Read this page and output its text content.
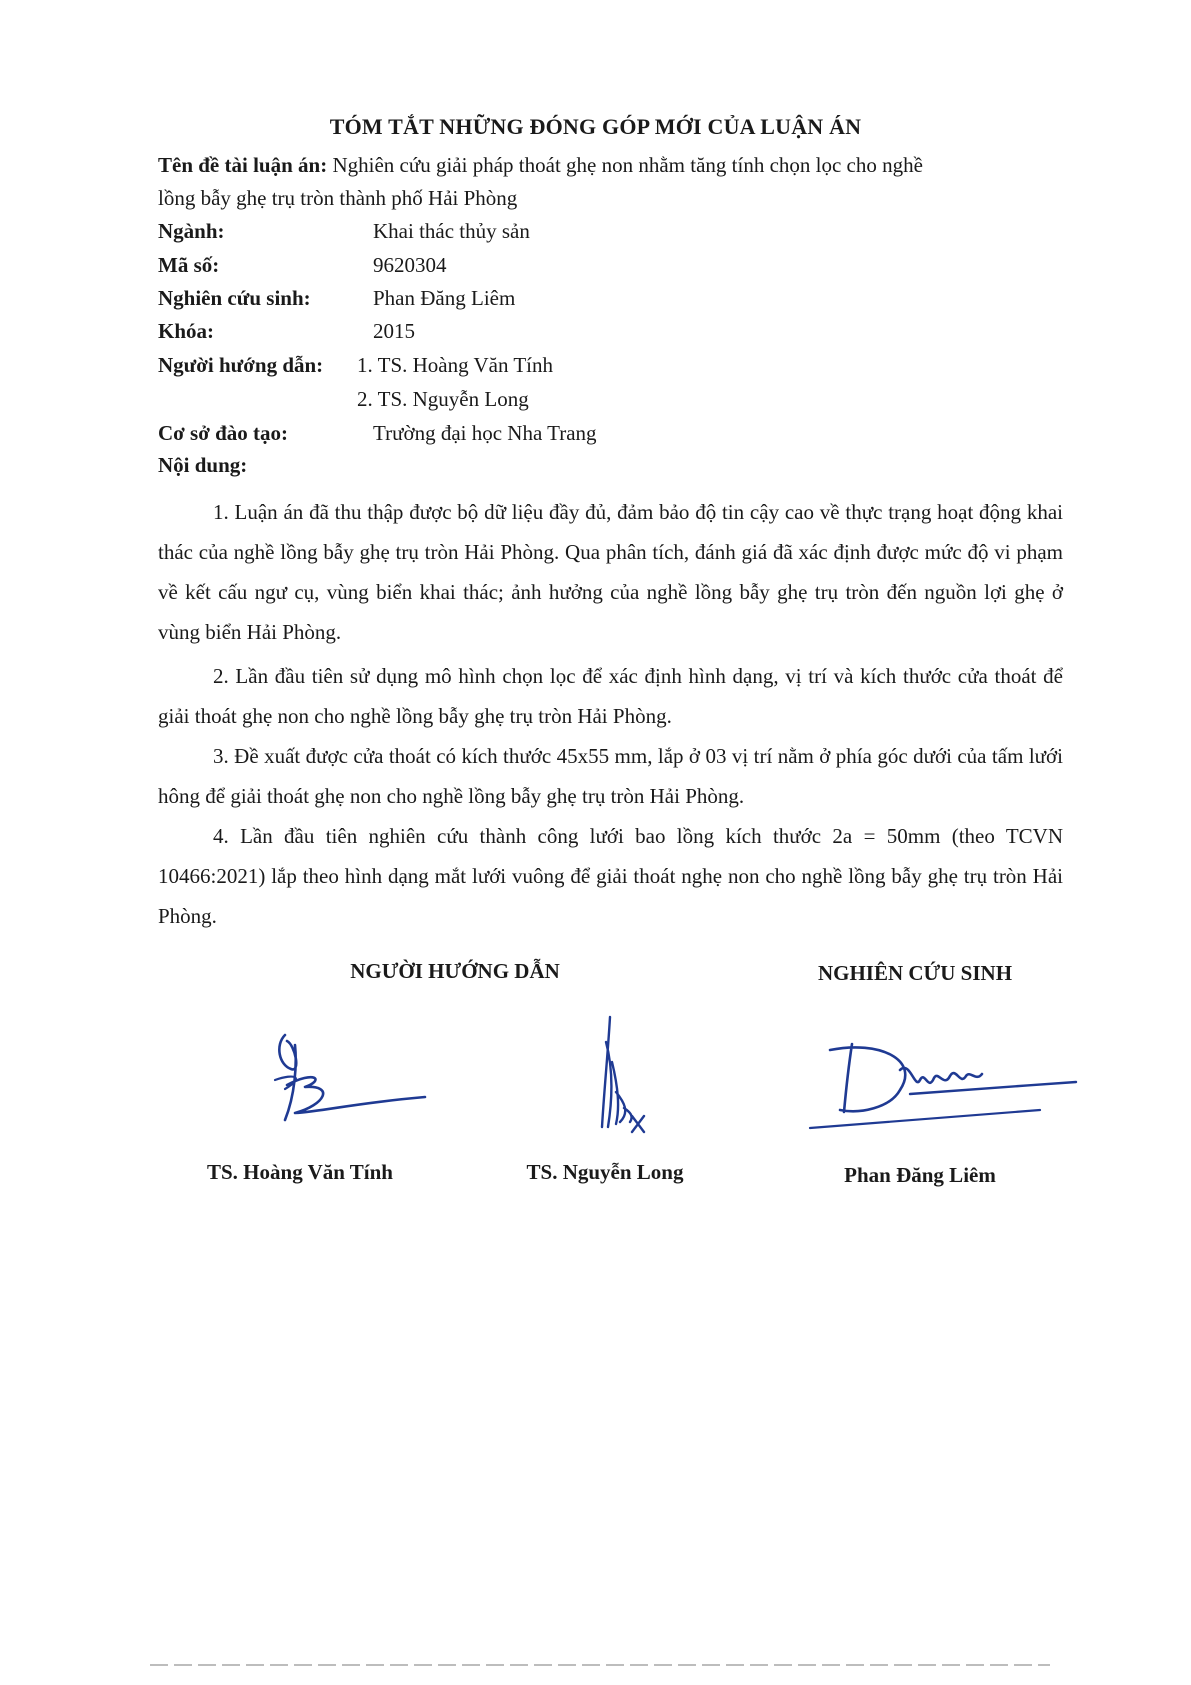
TÓM TẮT NHỮNG ĐÓNG GÓP MỚI CỦA LUẬN ÁN
Tên đề tài luận án: Nghiên cứu giải pháp thoát ghẹ non nhằm tăng tính chọn lọc cho nghề
lồng bẫy ghẹ trụ tròn thành phố Hải Phòng
Ngành:	Khai thác thủy sản
Mã số:	9620304
Nghiên cứu sinh:	Phan Đăng Liêm
Khóa:	2015
Người hướng dẫn: 1. TS. Hoàng Văn Tính
2. TS. Nguyễn Long
Cơ sở đào tạo:	Trường đại học Nha Trang
Nội dung:
1. Luận án đã thu thập được bộ dữ liệu đầy đủ, đảm bảo độ tin cậy cao về thực trạng hoạt động khai thác của nghề lồng bẫy ghẹ trụ tròn Hải Phòng. Qua phân tích, đánh giá đã xác định được mức độ vi phạm về kết cấu ngư cụ, vùng biển khai thác; ảnh hưởng của nghề lồng bẫy ghẹ trụ tròn đến nguồn lợi ghẹ ở vùng biển Hải Phòng.
2. Lần đầu tiên sử dụng mô hình chọn lọc để xác định hình dạng, vị trí và kích thước cửa thoát để giải thoát ghẹ non cho nghề lồng bẫy ghẹ trụ tròn Hải Phòng.
3. Đề xuất được cửa thoát có kích thước 45x55 mm, lắp ở 03 vị trí nằm ở phía góc dưới của tấm lưới hông để giải thoát ghẹ non cho nghề lồng bẫy ghẹ trụ tròn Hải Phòng.
4. Lần đầu tiên nghiên cứu thành công lưới bao lồng kích thước 2a = 50mm (theo TCVN 10466:2021) lắp theo hình dạng mắt lưới vuông để giải thoát nghẹ non cho nghề lồng bẫy ghẹ trụ tròn Hải Phòng.
NGƯỜI HƯỚNG DẪN	NGHIÊN CỨU SINH
TS. Hoàng Văn Tính	TS. Nguyễn Long	Phan Đăng Liêm
